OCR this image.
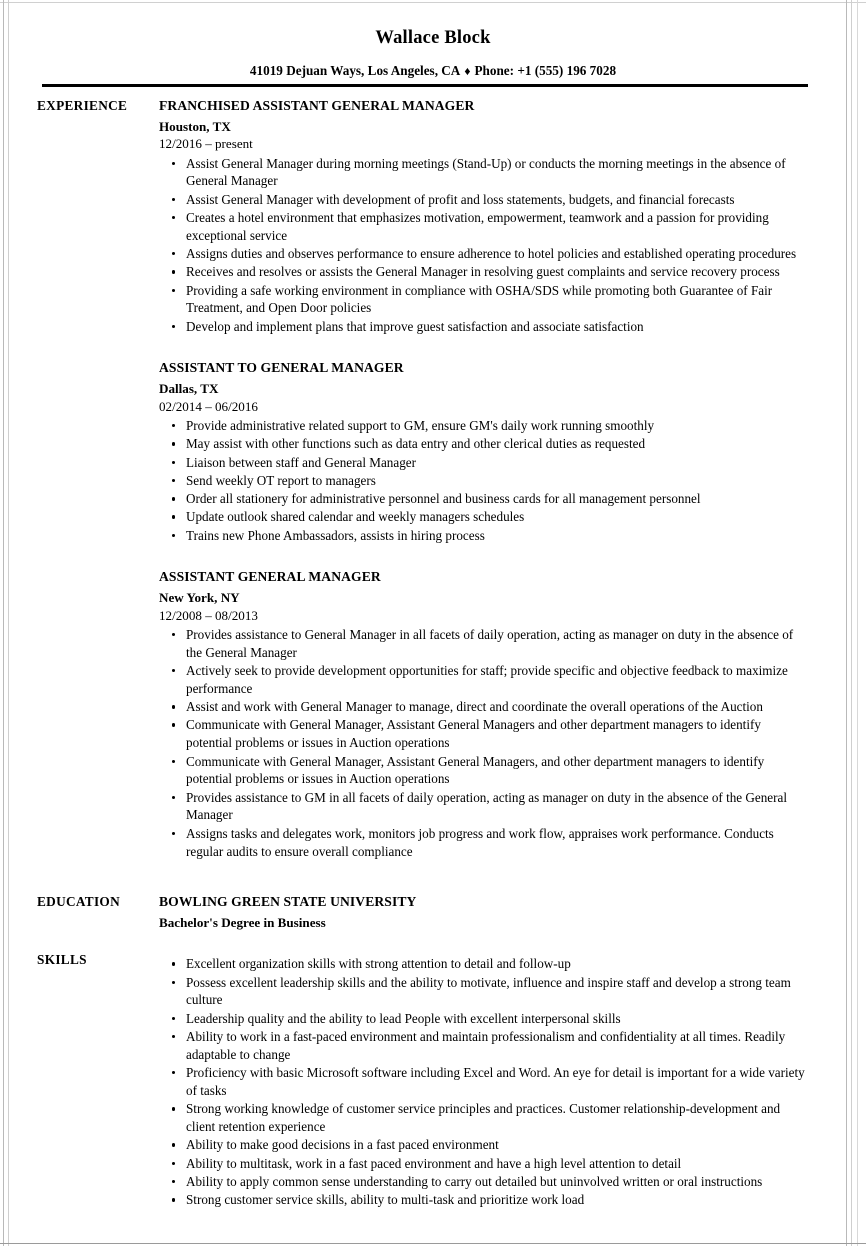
Wallace Block
41019 Dejuan Ways, Los Angeles, CA ♦ Phone: +1 (555) 196 7028
EXPERIENCE	FRANCHISED ASSISTANT GENERAL MANAGER
Houston, TX
12/2016 – present
Assist General Manager during morning meetings (Stand-Up) or conducts the morning meetings in the absence of General Manager
Assist General Manager with development of profit and loss statements, budgets, and financial forecasts
Creates a hotel environment that emphasizes motivation, empowerment, teamwork and a passion for providing exceptional service
Assigns duties and observes performance to ensure adherence to hotel policies and established operating procedures
Receives and resolves or assists the General Manager in resolving guest complaints and service recovery process
Providing a safe working environment in compliance with OSHA/SDS while promoting both Guarantee of Fair Treatment, and Open Door policies
Develop and implement plans that improve guest satisfaction and associate satisfaction
ASSISTANT TO GENERAL MANAGER
Dallas, TX
02/2014 – 06/2016
Provide administrative related support to GM, ensure GM's daily work running smoothly
May assist with other functions such as data entry and other clerical duties as requested
Liaison between staff and General Manager
Send weekly OT report to managers
Order all stationery for administrative personnel and business cards for all management personnel
Update outlook shared calendar and weekly managers schedules
Trains new Phone Ambassadors, assists in hiring process
ASSISTANT GENERAL MANAGER
New York, NY
12/2008 – 08/2013
Provides assistance to General Manager in all facets of daily operation, acting as manager on duty in the absence of the General Manager
Actively seek to provide development opportunities for staff; provide specific and objective feedback to maximize performance
Assist and work with General Manager to manage, direct and coordinate the overall operations of the Auction
Communicate with General Manager, Assistant General Managers and other department managers to identify potential problems or issues in Auction operations
Communicate with General Manager, Assistant General Managers, and other department managers to identify potential problems or issues in Auction operations
Provides assistance to GM in all facets of daily operation, acting as manager on duty in the absence of the General Manager
Assigns tasks and delegates work, monitors job progress and work flow, appraises work performance. Conducts regular audits to ensure overall compliance
EDUCATION	BOWLING GREEN STATE UNIVERSITY
Bachelor's Degree in Business
SKILLS	Excellent organization skills with strong attention to detail and follow-up
Possess excellent leadership skills and the ability to motivate, influence and inspire staff and develop a strong team culture
Leadership quality and the ability to lead People with excellent interpersonal skills
Ability to work in a fast-paced environment and maintain professionalism and confidentiality at all times. Readily adaptable to change
Proficiency with basic Microsoft software including Excel and Word. An eye for detail is important for a wide variety of tasks
Strong working knowledge of customer service principles and practices. Customer relationship-development and client retention experience
Ability to make good decisions in a fast paced environment
Ability to multitask, work in a fast paced environment and have a high level attention to detail
Ability to apply common sense understanding to carry out detailed but uninvolved written or oral instructions
Strong customer service skills, ability to multi-task and prioritize work load
